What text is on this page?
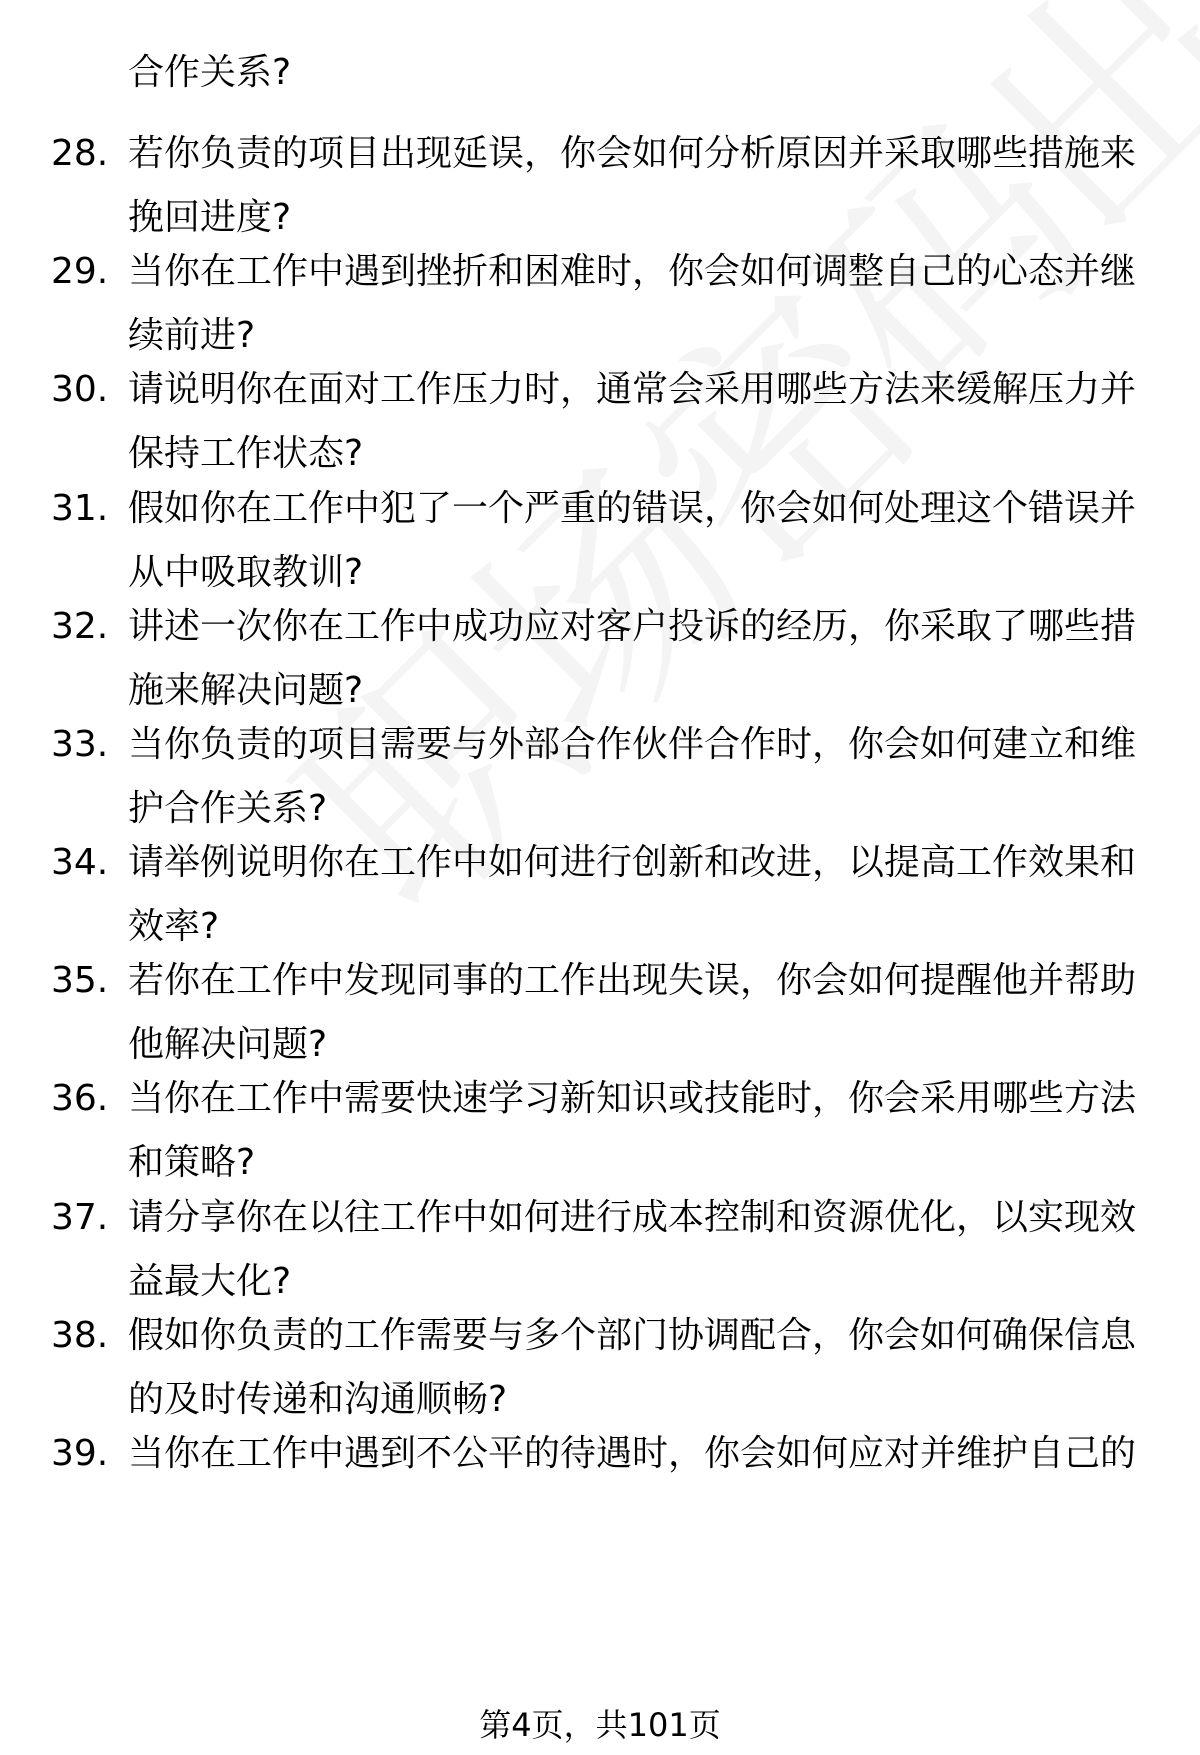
合作关系?
28. 若你负责的项目出现延误，你会如何分析原因并采取哪些措施来
挽回进度?
29. 当你在工作中遇到挫折和困难时，你会如何调整自己的心态并继
续前进?
30. 请说明你在面对工作压力时，通常会采用哪些方法来缓解压力并
保持工作状态?
31. 假如你在工作中犯了一个严重的错误，你会如何处理这个错误并
从中吸取教训?
32. 讲述一次你在工作中成功应对客户投诉的经历，你采取了哪些措
施来解决问题?
33. 当你负责的项目需要与外部合作伙伴合作时，你会如何建立和维
护合作关系?
34. 请举例说明你在工作中如何进行创新和改进，以提高工作效果和
效率?
35. 若你在工作中发现同事的工作出现失误，你会如何提醒他并帮助
他解决问题?
36. 当你在工作中需要快速学习新知识或技能时，你会采用哪些方法
和策略?
37. 请分享你在以往工作中如何进行成本控制和资源优化，以实现效
益最大化?
38. 假如你负责的工作需要与多个部门协调配合，你会如何确保信息
的及时传递和沟通顺畅?
39. 当你在工作中遇到不公平的待遇时，你会如何应对并维护自己的
第4页，共101页
